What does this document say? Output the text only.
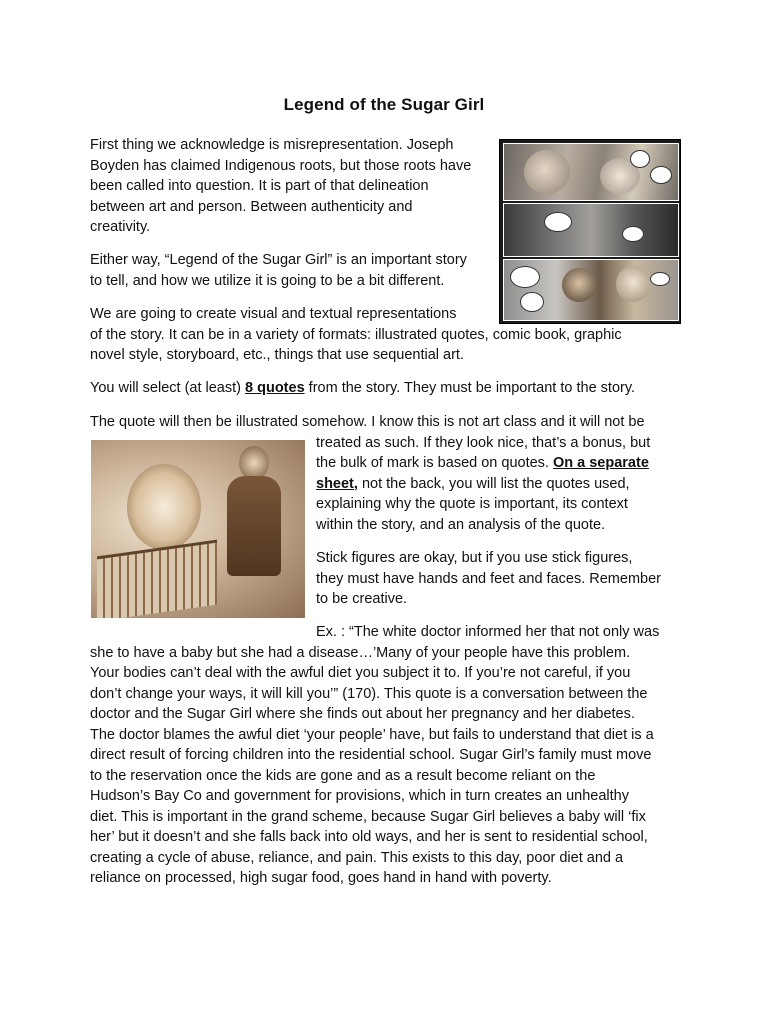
Legend of the Sugar Girl
First thing we acknowledge is misrepresentation. Joseph
Boyden has claimed Indigenous roots, but those roots have
been called into question. It is part of that delineation
between art and person. Between authenticity and
creativity.
Either way, “Legend of the Sugar Girl” is an important story
to tell, and how we utilize it is going to be a bit different.
We are going to create visual and textual representations
of the story. It can be in a variety of formats: illustrated quotes, comic book, graphic
novel style, storyboard, etc., things that use sequential art.
You will select (at least) 8 quotes from the story. They must be important to the story.
The quote will then be illustrated somehow. I know this is not art class and it will not be
treated as such. If they look nice, that’s a bonus, but
the bulk of mark is based on quotes. On a separate
sheet, not the back, you will list the quotes used,
explaining why the quote is important, its context
within the story, and an analysis of the quote.
Stick figures are okay, but if you use stick figures,
they must have hands and feet and faces. Remember
to be creative.
Ex. : “The white doctor informed her that not only was
she to have a baby but she had a disease…’Many of your people have this problem.
Your bodies can’t deal with the awful diet you subject it to. If you’re not careful, if you
don’t change your ways, it will kill you’” (170). This quote is a conversation between the
doctor and the Sugar Girl where she finds out about her pregnancy and her diabetes.
The doctor blames the awful diet ‘your people’ have, but fails to understand that diet is a
direct result of forcing children into the residential school. Sugar Girl’s family must move
to the reservation once the kids are gone and as a result become reliant on the
Hudson’s Bay Co and government for provisions, which in turn creates an unhealthy
diet. This is important in the grand scheme, because Sugar Girl believes a baby will ‘fix
her’ but it doesn’t and she falls back into old ways, and her is sent to residential school,
creating a cycle of abuse, reliance, and pain. This exists to this day, poor diet and a
reliance on processed, high sugar food, goes hand in hand with poverty.
